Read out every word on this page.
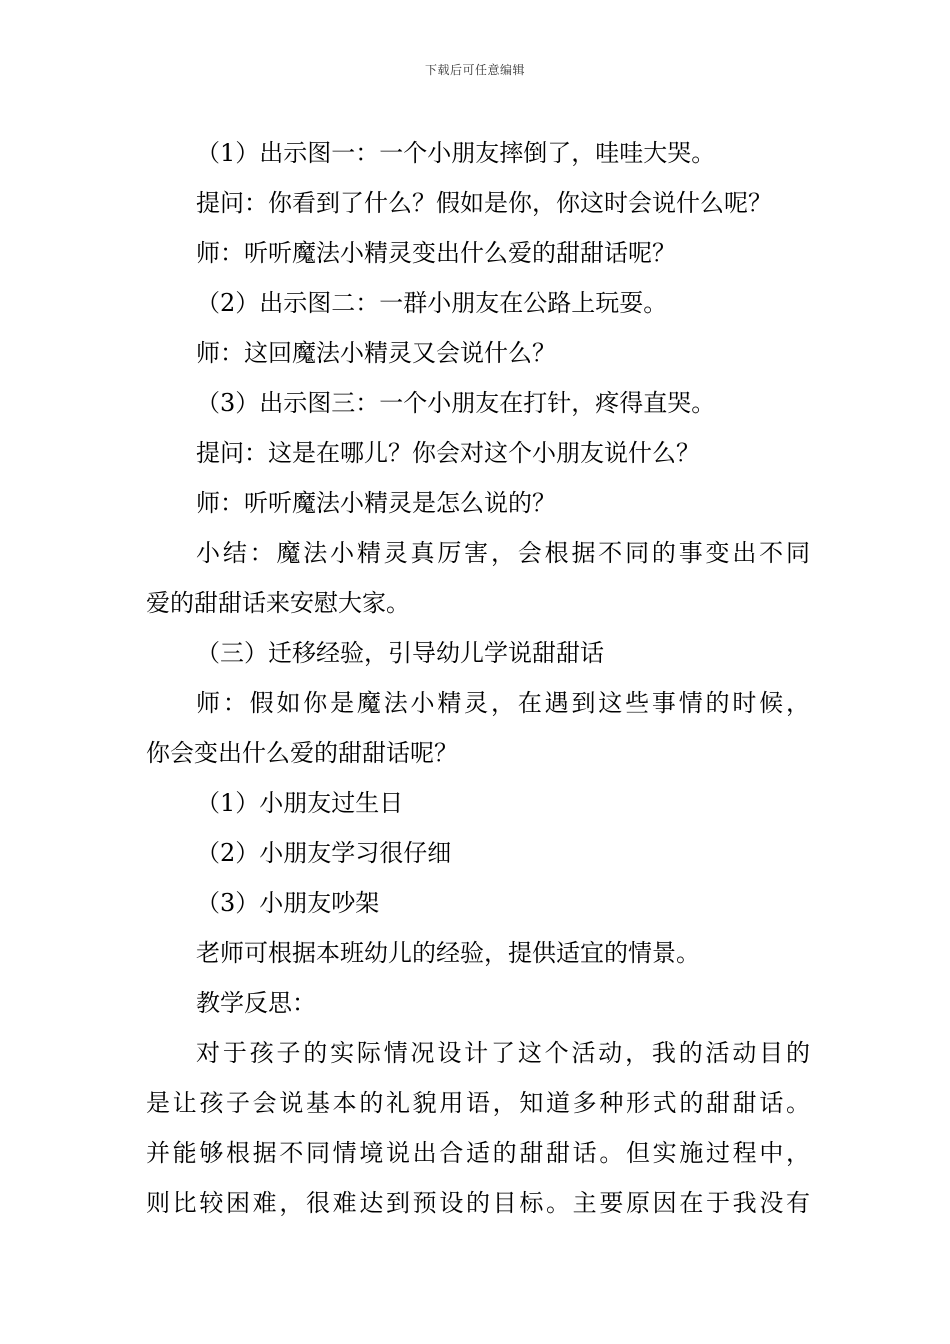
下载后可任意编辑
（1）出示图一：一个小朋友摔倒了，哇哇大哭。
提问：你看到了什么？假如是你，你这时会说什么呢？
师：听听魔法小精灵变出什么爱的甜甜话呢？
（2）出示图二：一群小朋友在公路上玩耍。
师：这回魔法小精灵又会说什么？
（3）出示图三：一个小朋友在打针，疼得直哭。
提问：这是在哪儿？你会对这个小朋友说什么？
师：听听魔法小精灵是怎么说的？
小结：魔法小精灵真厉害，会根据不同的事变出不同
爱的甜甜话来安慰大家。
（三）迁移经验，引导幼儿学说甜甜话
师：假如你是魔法小精灵，在遇到这些事情的时候，
你会变出什么爱的甜甜话呢？
（1）小朋友过生日
（2）小朋友学习很仔细
（3）小朋友吵架
老师可根据本班幼儿的经验，提供适宜的情景。
教学反思：
对于孩子的实际情况设计了这个活动，我的活动目的
是让孩子会说基本的礼貌用语，知道多种形式的甜甜话。
并能够根据不同情境说出合适的甜甜话。但实施过程中，
则比较困难，很难达到预设的目标。主要原因在于我没有
